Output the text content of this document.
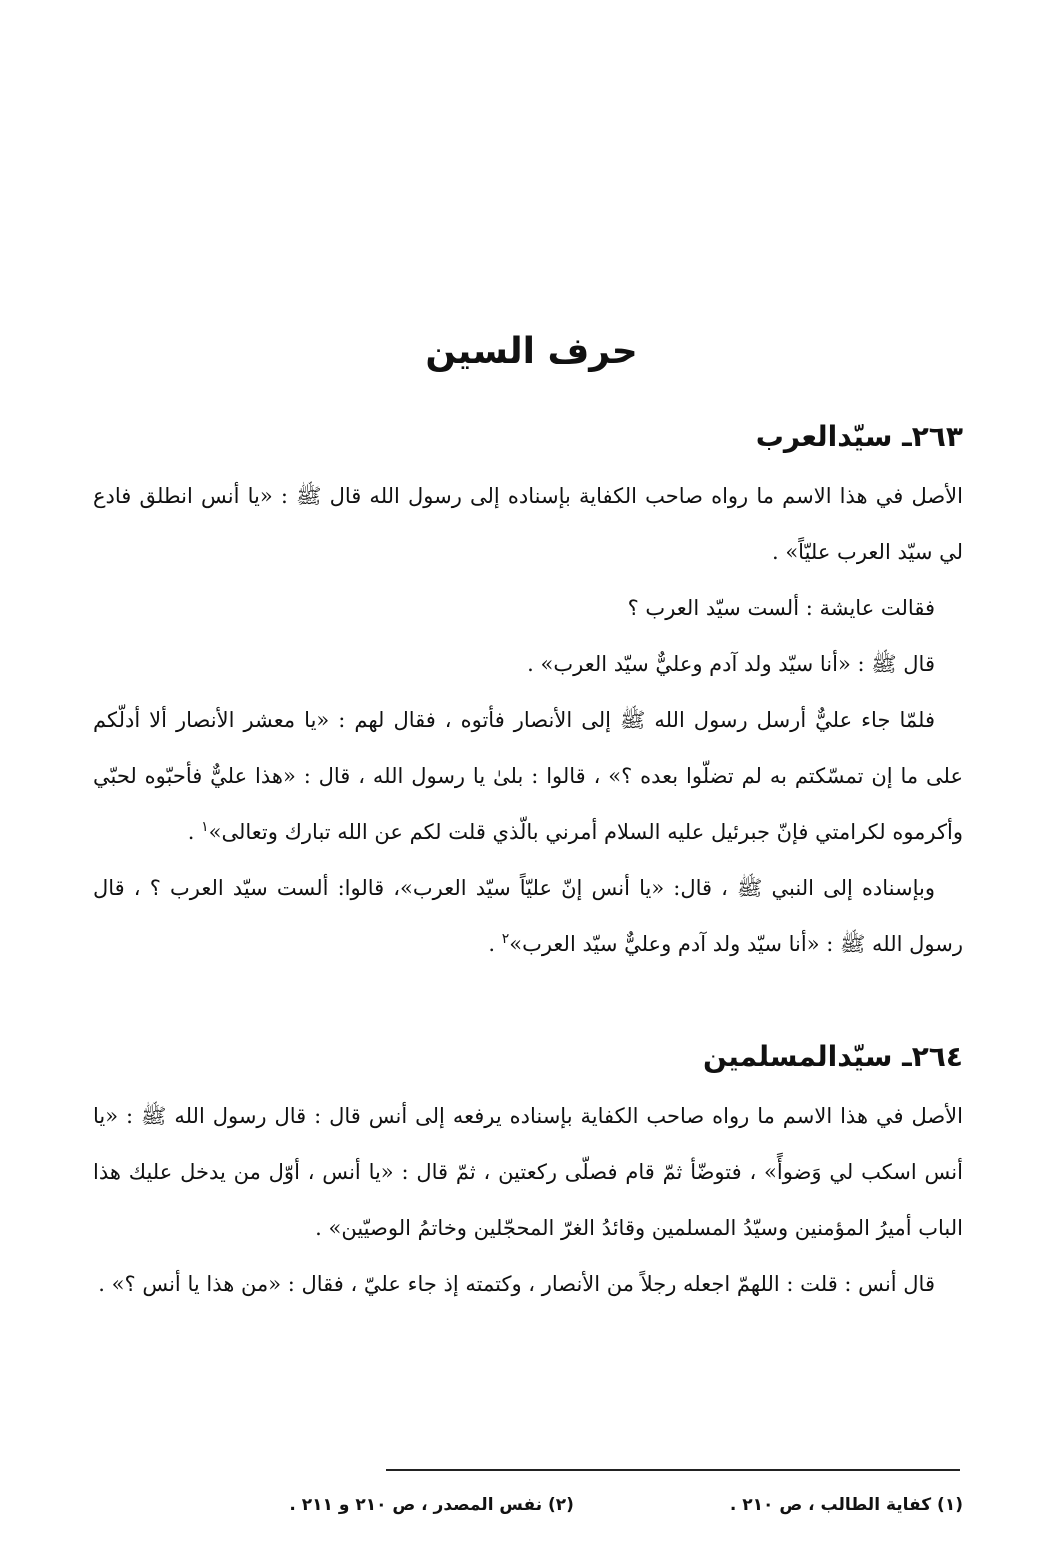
حرف السين
٢٦٣ـ سيّدالعرب

الأصل في هذا الاسم ما رواه صاحب الكفاية بإسناده إلى رسول الله قال ﷺ : «يا أنس انطلق فادع لي سيّد العرب عليّاً» .

فقالت عايشة : ألست سيّد العرب ؟

قال ﷺ : «أنا سيّد ولد آدم وعليٌّ سيّد العرب» .

فلمّا جاء عليٌّ أرسل رسول الله ﷺ إلى الأنصار فأتوه ، فقال لهم : «يا معشر الأنصار ألا أدلّكم على ما إن تمسّكتم به لم تضلّوا بعده ؟» ، قالوا : بلىٰ يا رسول الله ، قال : «هذا عليٌّ فأحبّوه لحبّي وأكرموه لكرامتي فإنّ جبرئيل عليه السلام أمرني بالّذي قلت لكم عن الله تبارك وتعالى»$^١$ .

وبإسناده إلى النبي ﷺ ، قال: «يا أنس إنّ عليّاً سيّد العرب»، قالوا: ألست سيّد العرب ؟ ، قال رسول الله ﷺ : «أنا سيّد ولد آدم وعليٌّ سيّد العرب»$^٢$ .

٢٦٤ـ سيّدالمسلمين

الأصل في هذا الاسم ما رواه صاحب الكفاية بإسناده يرفعه إلى أنس قال : قال رسول الله ﷺ : «يا أنس اسكب لي وَضوأً» ، فتوضّأ ثمّ قام فصلّى ركعتين ، ثمّ قال : «يا أنس ، أوّل من يدخل عليك هذا الباب أميرُ المؤمنين وسيّدُ المسلمين وقائدُ الغرّ المحجّلين وخاتمُ الوصيّين» .

قال أنس : قلت : اللهمّ اجعله رجلاً من الأنصار ، وكتمته إذ جاء عليّ ، فقال : «من هذا يا أنس ؟» .

(١) كفاية الطالب ، ص ٢١٠ . (٢) نفس المصدر ، ص ٢١٠ و ٢١١ .
